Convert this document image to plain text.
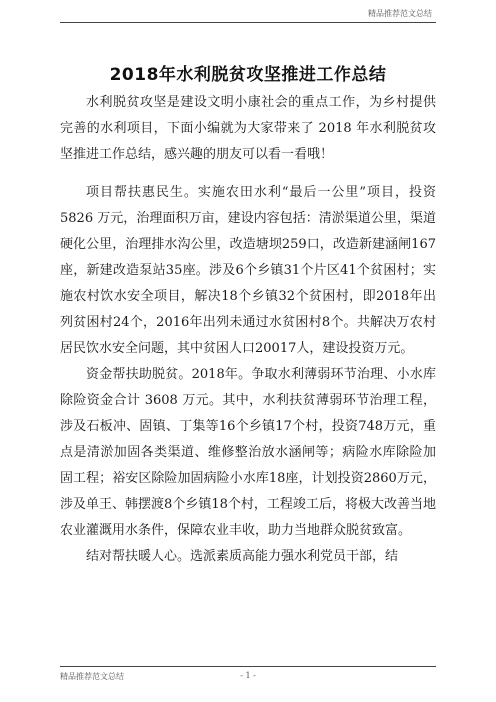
精品推荐范文总结
2018年水利脱贫攻坚推进工作总结

水利脱贫攻坚是建设文明小康社会的重点工作，为乡村提供完善的水利项目，下面小编就为大家带来了 2018 年水利脱贫攻坚推进工作总结，感兴趣的朋友可以看一看哦！

项目帮扶惠民生。实施农田水利“最后一公里”项目，投资 5826 万元，治理面积万亩，建设内容包括：清淤渠道公里，渠道硬化公里，治理排水沟公里，改造塘坝259口，改造新建涵闸167座，新建改造泵站35座。涉及6个乡镇31个片区41个贫困村；实施农村饮水安全项目，解决18个乡镇32个贫困村，即2018年出列贫困村24个，2016年出列未通过水贫困村8个。共解决万农村居民饮水安全问题，其中贫困人口20017人，建设投资万元。

资金帮扶助脱贫。2018年。争取水利薄弱环节治理、小水库除险资金合计 3608 万元。其中，水利扶贫薄弱环节治理工程，涉及石板冲、固镇、丁集等16个乡镇17个村，投资748万元，重点是清淤加固各类渠道、维修整治放水涵闸等；病险水库除险加固工程；裕安区除险加固病险小水库18座，计划投资2860万元，涉及单王、韩摆渡8个乡镇18个村，工程竣工后，将极大改善当地农业灌溉用水条件，保障农业丰收，助力当地群众脱贫致富。

结对帮扶暖人心。选派素质高能力强水利党员干部，结

精品推荐范文总结	- 1 -
